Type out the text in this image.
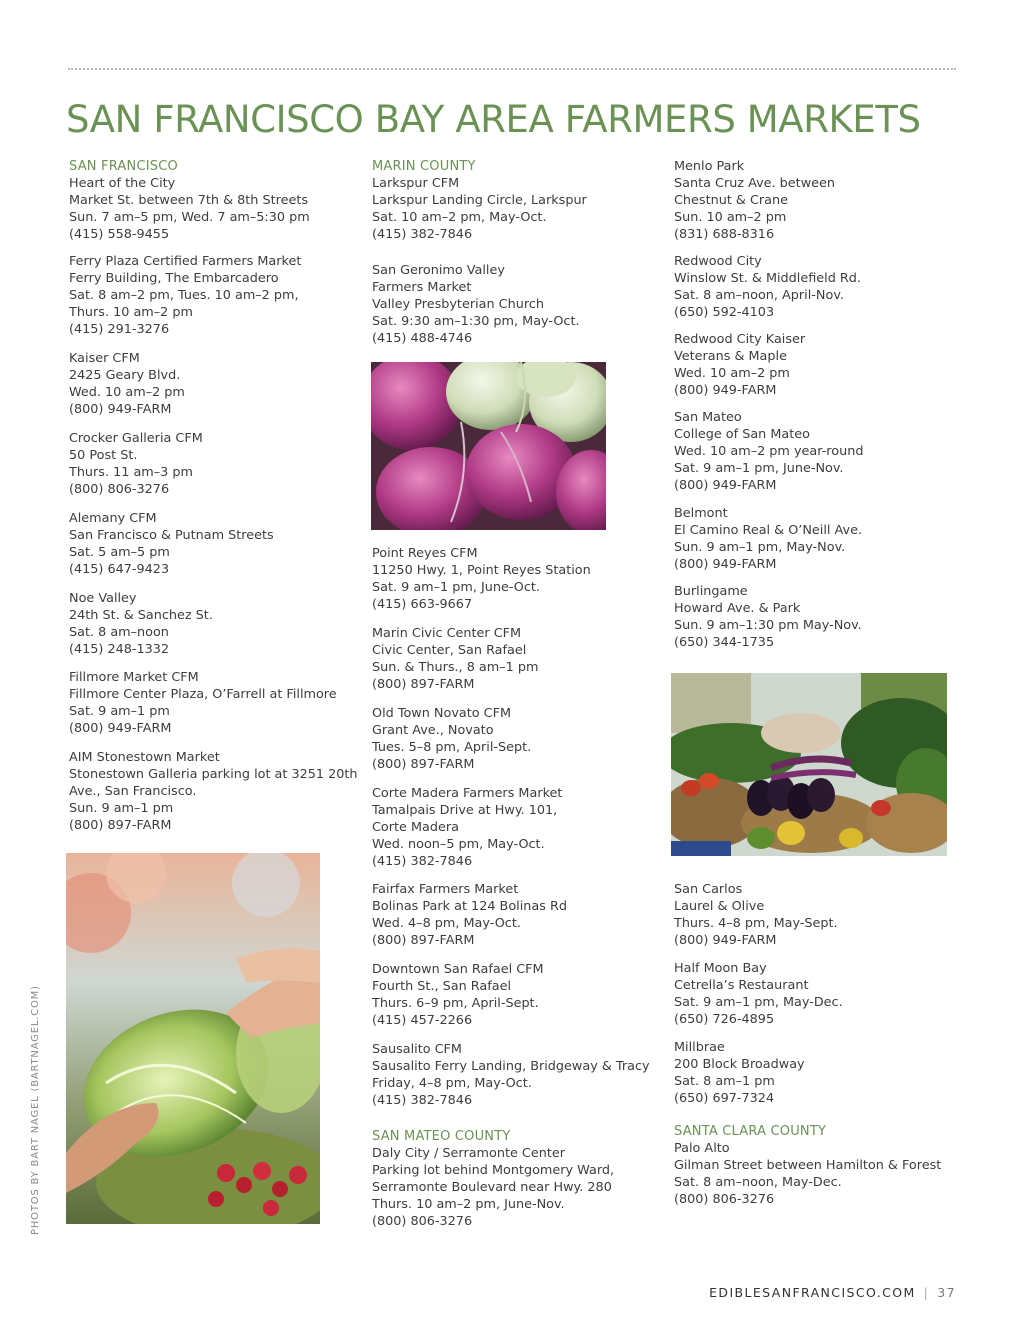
SAN FRANCISCO BAY AREA FARMERS MARKETS
SAN FRANCISCO
Heart of the City
Market St. between 7th & 8th Streets
Sun. 7 am–5 pm, Wed. 7 am–5:30 pm
(415) 558-9455
Ferry Plaza Certified Farmers Market
Ferry Building, The Embarcadero
Sat. 8 am–2 pm, Tues. 10 am–2 pm,
Thurs. 10 am–2 pm
(415) 291-3276
Kaiser CFM
2425 Geary Blvd.
Wed. 10 am–2 pm
(800) 949-FARM
Crocker Galleria CFM
50 Post St.
Thurs. 11 am–3 pm
(800) 806-3276
Alemany CFM
San Francisco & Putnam Streets
Sat. 5 am–5 pm
(415) 647-9423
Noe Valley
24th St. & Sanchez St.
Sat. 8 am–noon
(415) 248-1332
Fillmore Market CFM
Fillmore Center Plaza, O’Farrell at Fillmore
Sat. 9 am–1 pm
(800) 949-FARM
AIM Stonestown Market
Stonestown Galleria parking lot at 3251 20th
Ave., San Francisco.
Sun. 9 am–1 pm
(800) 897-FARM
MARIN COUNTY
Larkspur CFM
Larkspur Landing Circle, Larkspur
Sat. 10 am–2 pm, May-Oct.
(415) 382-7846
San Geronimo Valley
Farmers Market
Valley Presbyterian Church
Sat. 9:30 am–1:30 pm, May-Oct.
(415) 488-4746
Point Reyes CFM
11250 Hwy. 1, Point Reyes Station
Sat. 9 am–1 pm, June-Oct.
(415) 663-9667
Marin Civic Center CFM
Civic Center, San Rafael
Sun. & Thurs., 8 am–1 pm
(800) 897-FARM
Old Town Novato CFM
Grant Ave., Novato
Tues. 5–8 pm, April-Sept.
(800) 897-FARM
Corte Madera Farmers Market
Tamalpais Drive at Hwy. 101,
Corte Madera
Wed. noon–5 pm, May-Oct.
(415) 382-7846
Fairfax Farmers Market
Bolinas Park at 124 Bolinas Rd
Wed. 4–8 pm, May-Oct.
(800) 897-FARM
Downtown San Rafael CFM
Fourth St., San Rafael
Thurs. 6–9 pm, April-Sept.
(415) 457-2266
Sausalito CFM
Sausalito Ferry Landing, Bridgeway & Tracy
Friday, 4–8 pm, May-Oct.
(415) 382-7846
SAN MATEO COUNTY
Daly City / Serramonte Center
Parking lot behind Montgomery Ward,
Serramonte Boulevard near Hwy. 280
Thurs. 10 am–2 pm, June-Nov.
(800) 806-3276
Menlo Park
Santa Cruz Ave. between
Chestnut & Crane
Sun. 10 am–2 pm
(831) 688-8316
Redwood City
Winslow St. & Middlefield Rd.
Sat. 8 am–noon, April-Nov.
(650) 592-4103
Redwood City Kaiser
Veterans & Maple
Wed. 10 am–2 pm
(800) 949-FARM
San Mateo
College of San Mateo
Wed. 10 am–2 pm year-round
Sat. 9 am–1 pm, June-Nov.
(800) 949-FARM
Belmont
El Camino Real & O’Neill Ave.
Sun. 9 am–1 pm, May-Nov.
(800) 949-FARM
Burlingame
Howard Ave. & Park
Sun. 9 am–1:30 pm May-Nov.
(650) 344-1735
San Carlos
Laurel & Olive
Thurs. 4–8 pm, May-Sept.
(800) 949-FARM
Half Moon Bay
Cetrella’s Restaurant
Sat. 9 am–1 pm, May-Dec.
(650) 726-4895
Millbrae
200 Block Broadway
Sat. 8 am–1 pm
(650) 697-7324
SANTA CLARA COUNTY
Palo Alto
Gilman Street between Hamilton & Forest
Sat. 8 am–noon, May-Dec.
(800) 806-3276
PHOTOS BY BART NAGEL (BARTNAGEL.COM)
EDIBLESANFRANCISCO.COM | 37
